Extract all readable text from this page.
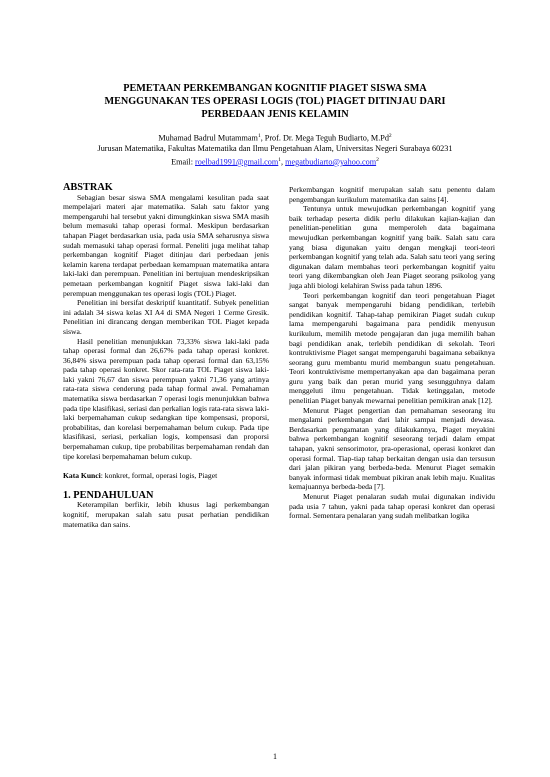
PEMETAAN PERKEMBANGAN KOGNITIF PIAGET SISWA SMA
MENGGUNAKAN TES OPERASI LOGIS (TOL) PIAGET DITINJAU DARI
PERBEDAAN JENIS KELAMIN
Muhamad Badrul Mutammam$^1$, Prof. Dr. Mega Teguh Budiarto, M.Pd$^2$
Jurusan Matematika, Fakultas Matematika dan Ilmu Pengetahuan Alam, Universitas Negeri Surabaya 60231
Email: roelbad1991@gmail.com$^1$, megatbudiarto@yahoo.com$^2$

ABSTRAK

Sebagian besar siswa SMA mengalami kesulitan pada saat mempelajari materi ajar matematika. Salah satu faktor yang mempengaruhi hal tersebut yakni dimungkinkan siswa SMA masih belum memasuki tahap operasi formal. Meskipun berdasarkan tahapan Piaget berdasarkan usia, pada usia SMA seharusnya siswa sudah memasuki tahap operasi formal. Peneliti juga melihat tahap perkembangan kognitif Piaget ditinjau dari perbedaan jenis kelamin karena terdapat perbedaan kemampuan matematika antara laki-laki dan perempuan. Penelitian ini bertujuan mendeskripsikan pemetaan perkembangan kognitif Piaget siswa laki-laki dan perempuan menggunakan tes operasi logis (TOL) Piaget.

Penelitian ini bersifat deskriptif kuantitatif. Subyek penelitian ini adalah 34 siswa kelas XI A4 di SMA Negeri 1 Cerme Gresik. Penelitian ini dirancang dengan memberikan TOL Piaget kepada siswa.

Hasil penelitian menunjukkan 73,33% siswa laki-laki pada tahap operasi formal dan 26,67% pada tahap operasi konkret. 36,84% siswa perempuan pada tahap operasi formal dan 63,15% pada tahap operasi konkret. Skor rata-rata TOL Piaget siswa laki-laki yakni 76,67 dan siswa perempuan yakni 71,36 yang artinya rata-rata siswa cenderung pada tahap formal awal. Pemahaman matematika siswa berdasarkan 7 operasi logis menunjukkan bahwa pada tipe klasifikasi, seriasi dan perkalian logis rata-rata siswa laki-laki berpemahaman cukup sedangkan tipe kompensasi, proporsi, probabilitas, dan korelasi berpemahaman belum cukup. Pada tipe klasifikasi, seriasi, perkalian logis, kompensasi dan proporsi berpemahaman cukup, tipe probabilitas berpemahaman rendah dan tipe korelasi berpemahaman belum cukup.

Kata Kunci: konkret, formal, operasi logis, Piaget

1. PENDAHULUAN

Keterampilan berfikir, lebih khusus lagi perkembangan kognitif, merupakan salah satu pusat perhatian pendidikan matematika dan sains.

Perkembangan kognitif merupakan salah satu penentu dalam pengembangan kurikulum matematika dan sains [4].

Tentunya untuk mewujudkan perkembangan kognitif yang baik terhadap peserta didik perlu dilakukan kajian-kajian dan penelitian-penelitian guna memperoleh data bagaimana mewujudkan perkembangan kognitif yang baik. Salah satu cara yang biasa digunakan yaitu dengan mengkaji teori-teori perkembangan kognitif yang telah ada. Salah satu teori yang sering digunakan dalam membahas teori perkembangan kognitif yaitu teori yang dikembangkan oleh Jean Piaget seorang psikolog yang juga ahli biologi kelahiran Swiss pada tahun 1896.

Teori perkembangan kognitif dan teori pengetahuan Piaget sangat banyak mempengaruhi bidang pendidikan, terlebih pendidikan kognitif. Tahap-tahap pemikiran Piaget sudah cukup lama mempengaruhi bagaimana para pendidik menyusun kurikulum, memilih metode pengajaran dan juga memilih bahan bagi pendidikan anak, terlebih pendidikan di sekolah. Teori kontruktivisme Piaget sangat mempengaruhi bagaimana sebaiknya seorang guru membantu murid membangun suatu pengetahuan. Teori kontruktivisme mempertanyakan apa dan bagaimana peran guru yang baik dan peran murid yang sesungguhnya dalam menggeluti ilmu pengetahuan. Tidak ketinggalan, metode penelitian Piaget banyak mewarnai penelitian pemikiran anak [12].

Menurut Piaget pengertian dan pemahaman seseorang itu mengalami perkembangan dari lahir sampai menjadi dewasa. Berdasarkan pengamatan yang dilakukannya, Piaget meyakini bahwa perkembangan kognitif seseorang terjadi dalam empat tahapan, yakni sensorimotor, pra-operasional, operasi konkret dan operasi formal. Tiap-tiap tahap berkaitan dengan usia dan tersusun dari jalan pikiran yang berbeda-beda. Menurut Piaget semakin banyak informasi tidak membuat pikiran anak lebih maju. Kualitas kemajuannya berbeda-beda [7].

Menurut Piaget penalaran sudah mulai digunakan individu pada usia 7 tahun, yakni pada tahap operasi konkret dan operasi formal. Sementara penalaran yang sudah melibatkan logika

1
